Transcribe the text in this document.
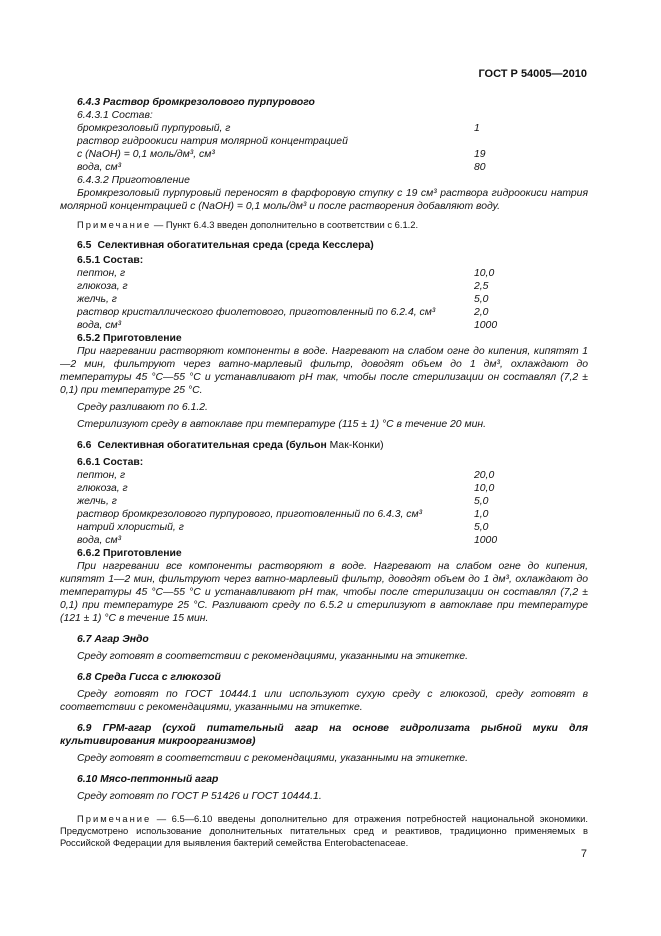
ГОСТ Р 54005—2010
6.4.3 Раствор бромкрезолового пурпурового
6.4.3.1 Состав:
бромкрезоловый пурпуровый, г	1
раствор гидроокиси натрия молярной концентрацией
с (NaOH) = 0,1 моль/дм³, см³	19
вода, см³	80
6.4.3.2 Приготовление
Бромкрезоловый пурпуровый переносят в фарфоровую ступку с 19 см³ раствора гидроокиси натрия молярной концентрацией с (NaOH) = 0,1 моль/дм³ и после растворения добавляют воду.
Примечание — Пункт 6.4.3 введен дополнительно в соответствии с 6.1.2.
6.5 Селективная обогатительная среда (среда Кесслера)
6.5.1 Состав:
пептон, г	10,0
глюкоза, г	2,5
желчь, г	5,0
раствор кристаллического фиолетового, приготовленный по 6.2.4, см³	2,0
вода, см³	1000
6.5.2 Приготовление
При нагревании растворяют компоненты в воде. Нагревают на слабом огне до кипения, кипятят 1—2 мин, фильтруют через ватно-марлевый фильтр, доводят объем до 1 дм³, охлаждают до температуры 45 °С—55 °С и устанавливают pH так, чтобы после стерилизации он составлял (7,2 ± 0,1) при температуре 25 °С.
Среду разливают по 6.1.2.
Стерилизуют среду в автоклаве при температуре (115 ± 1) °С в течение 20 мин.
6.6 Селективная обогатительная среда (бульон Мак-Конки)
6.6.1 Состав:
пептон, г	20,0
глюкоза, г	10,0
желчь, г	5,0
раствор бромкрезолового пурпурового, приготовленный по 6.4.3, см³	1,0
натрий хлористый, г	5,0
вода, см³	1000
6.6.2 Приготовление
При нагревании все компоненты растворяют в воде. Нагревают на слабом огне до кипения, кипятят 1—2 мин, фильтруют через ватно-марлевый фильтр, доводят объем до 1 дм³, охлаждают до температуры 45 °С—55 °С и устанавливают pH так, чтобы после стерилизации он составлял (7,2 ± 0,1) при температуре 25 °С. Разливают среду по 6.5.2 и стерилизуют в автоклаве при температуре (121 ± 1) °С в течение 15 мин.
6.7 Агар Эндо
Среду готовят в соответствии с рекомендациями, указанными на этикетке.
6.8 Среда Гисса с глюкозой
Среду готовят по ГОСТ 10444.1 или используют сухую среду с глюкозой, среду готовят в соответствии с рекомендациями, указанными на этикетке.
6.9 ГРМ-агар (сухой питательный агар на основе гидролизата рыбной муки для культивирования микроорганизмов)
Среду готовят в соответствии с рекомендациями, указанными на этикетке.
6.10 Мясо-пептонный агар
Среду готовят по ГОСТ Р 51426 и ГОСТ 10444.1.
Примечание — 6.5—6.10 введены дополнительно для отражения потребностей национальной экономики. Предусмотрено использование дополнительных питательных сред и реактивов, традиционно применяемых в Российской Федерации для выявления бактерий семейства Enterobactenaceae.
7
